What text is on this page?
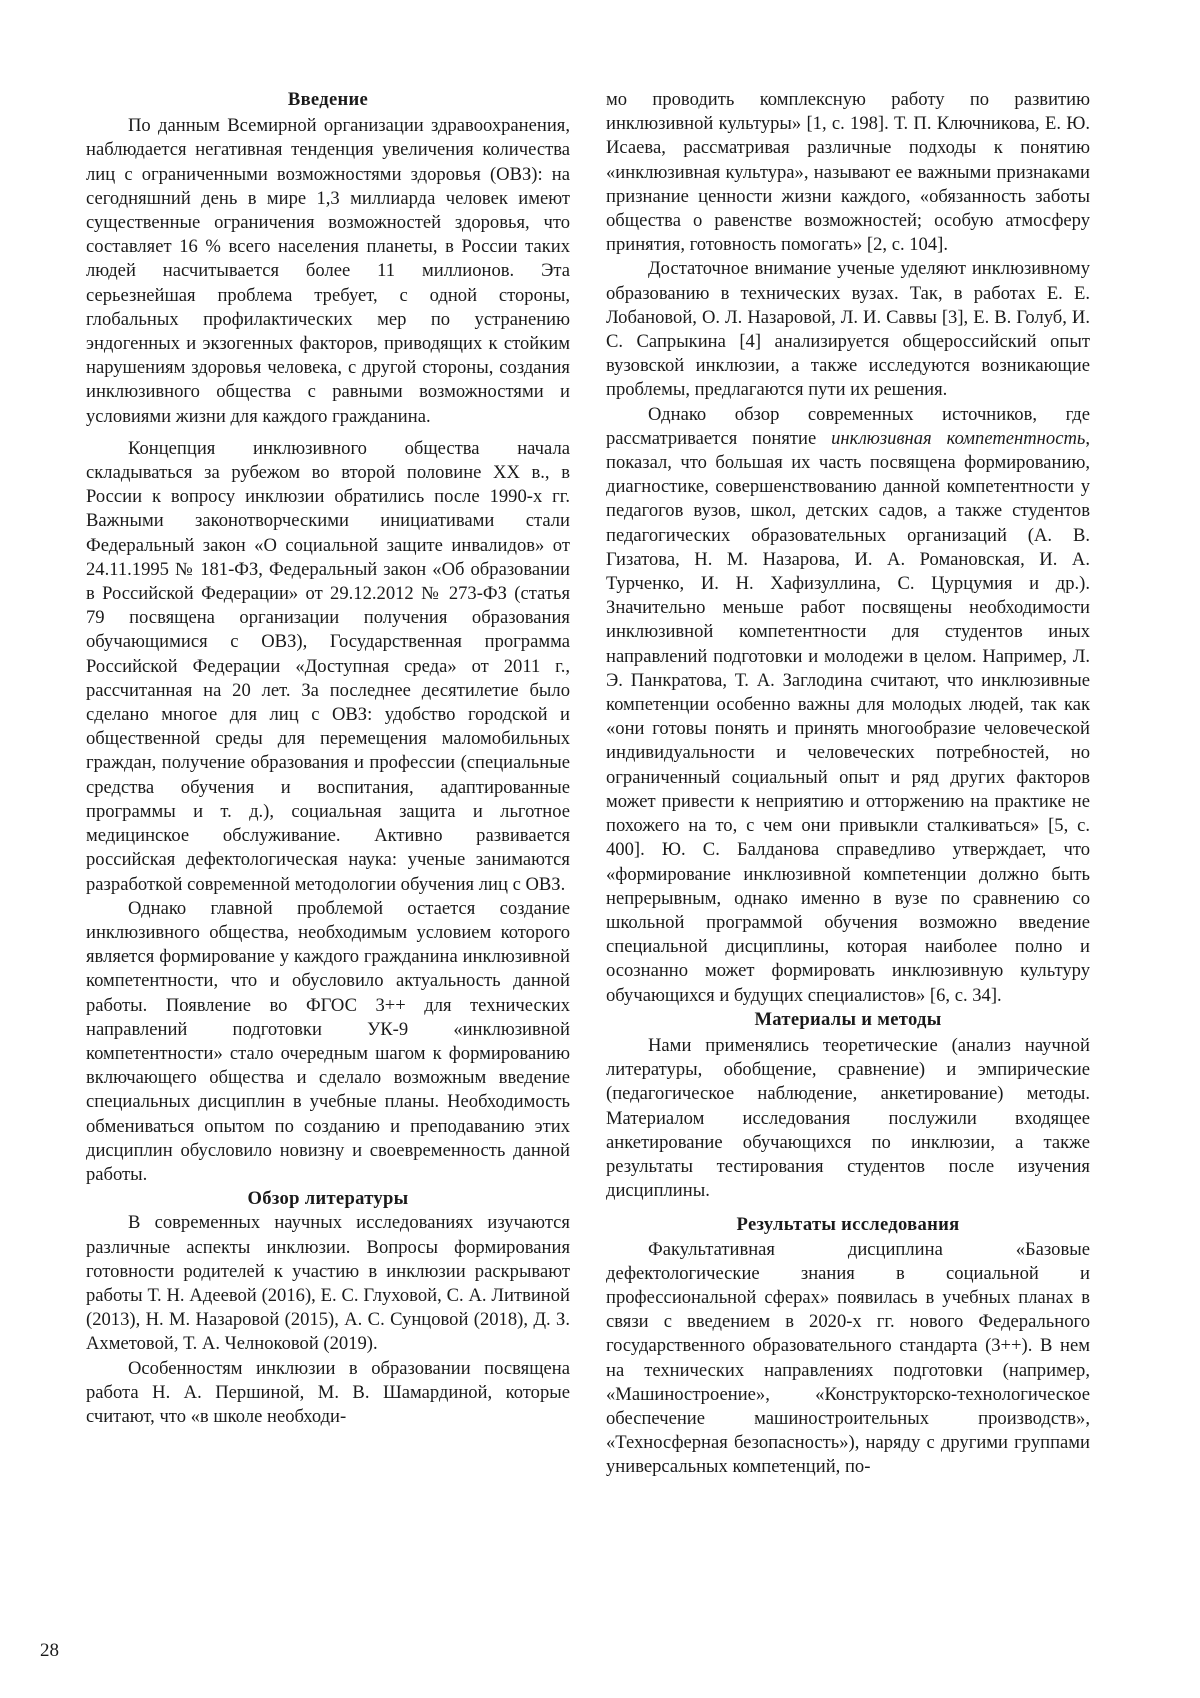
Введение

По данным Всемирной организации здравоохранения, наблюдается негативная тенденция увеличения количества лиц с ограниченными возможностями здоровья (ОВЗ): на сегодняшний день в мире 1,3 миллиарда человек имеют существенные ограничения возможностей здоровья, что составляет 16 % всего населения планеты, в России таких людей насчитывается более 11 миллионов. Эта серьезнейшая проблема требует, с одной стороны, глобальных профилактических мер по устранению эндогенных и экзогенных факторов, приводящих к стойким нарушениям здоровья человека, с другой стороны, создания инклюзивного общества с равными возможностями и условиями жизни для каждого гражданина.

Концепция инклюзивного общества начала складываться за рубежом во второй половине XX в., в России к вопросу инклюзии обратились после 1990-х гг. Важными законотворческими инициативами стали Федеральный закон «О социальной защите инвалидов» от 24.11.1995 № 181-ФЗ, Федеральный закон «Об образовании в Российской Федерации» от 29.12.2012 № 273-ФЗ (статья 79 посвящена организации получения образования обучающимися с ОВЗ), Государственная программа Российской Федерации «Доступная среда» от 2011 г., рассчитанная на 20 лет. За последнее десятилетие было сделано многое для лиц с ОВЗ: удобство городской и общественной среды для перемещения маломобильных граждан, получение образования и профессии (специальные средства обучения и воспитания, адаптированные программы и т. д.), социальная защита и льготное медицинское обслуживание. Активно развивается российская дефектологическая наука: ученые занимаются разработкой современной методологии обучения лиц с ОВЗ.

Однако главной проблемой остается создание инклюзивного общества, необходимым условием которого является формирование у каждого гражданина инклюзивной компетентности, что и обусловило актуальность данной работы. Появление во ФГОС 3++ для технических направлений подготовки УК-9 «инклюзивной компетентности» стало очередным шагом к формированию включающего общества и сделало возможным введение специальных дисциплин в учебные планы. Необходимость обмениваться опытом по созданию и преподаванию этих дисциплин обусловило новизну и своевременность данной работы.

Обзор литературы

В современных научных исследованиях изучаются различные аспекты инклюзии. Вопросы формирования готовности родителей к участию в инклюзии раскрывают работы Т. Н. Адеевой (2016), Е. С. Глуховой, С. А. Литвиной (2013), Н. М. Назаровой (2015), А. С. Сунцовой (2018), Д. З. Ахметовой, Т. А. Челноковой (2019).

Особенностям инклюзии в образовании посвящена работа Н. А. Першиной, М. В. Шамардиной, которые считают, что «в школе необходи-

мо проводить комплексную работу по развитию инклюзивной культуры» [1, с. 198]. Т. П. Ключникова, Е. Ю. Исаева, рассматривая различные подходы к понятию «инклюзивная культура», называют ее важными признаками признание ценности жизни каждого, «обязанность заботы общества о равенстве возможностей; особую атмосферу принятия, готовность помогать» [2, с. 104].

Достаточное внимание ученые уделяют инклюзивному образованию в технических вузах. Так, в работах Е. Е. Лобановой, О. Л. Назаровой, Л. И. Саввы [3], Е. В. Голуб, И. С. Сапрыкина [4] анализируется общероссийский опыт вузовской инклюзии, а также исследуются возникающие проблемы, предлагаются пути их решения.

Однако обзор современных источников, где рассматривается понятие инклюзивная компетентность, показал, что большая их часть посвящена формированию, диагностике, совершенствованию данной компетентности у педагогов вузов, школ, детских садов, а также студентов педагогических образовательных организаций (А. В. Гизатова, Н. М. Назарова, И. А. Романовская, И. А. Турченко, И. Н. Хафизуллина, С. Цурцумия и др.). Значительно меньше работ посвящены необходимости инклюзивной компетентности для студентов иных направлений подготовки и молодежи в целом. Например, Л. Э. Панкратова, Т. А. Заглодина считают, что инклюзивные компетенции особенно важны для молодых людей, так как «они готовы понять и принять многообразие человеческой индивидуальности и человеческих потребностей, но ограниченный социальный опыт и ряд других факторов может привести к неприятию и отторжению на практике не похожего на то, с чем они привыкли сталкиваться» [5, с. 400]. Ю. С. Балданова справедливо утверждает, что «формирование инклюзивной компетенции должно быть непрерывным, однако именно в вузе по сравнению со школьной программой обучения возможно введение специальной дисциплины, которая наиболее полно и осознанно может формировать инклюзивную культуру обучающихся и будущих специалистов» [6, с. 34].

Материалы и методы

Нами применялись теоретические (анализ научной литературы, обобщение, сравнение) и эмпирические (педагогическое наблюдение, анкетирование) методы. Материалом исследования послужили входящее анкетирование обучающихся по инклюзии, а также результаты тестирования студентов после изучения дисциплины.

Результаты исследования

Факультативная дисциплина «Базовые дефектологические знания в социальной и профессиональной сферах» появилась в учебных планах в связи с введением в 2020-х гг. нового Федерального государственного образовательного стандарта (3++). В нем на технических направлениях подготовки (например, «Машиностроение», «Конструкторско-технологическое обеспечение машиностроительных производств», «Техносферная безопасность»), наряду с другими группами универсальных компетенций, по-

28
